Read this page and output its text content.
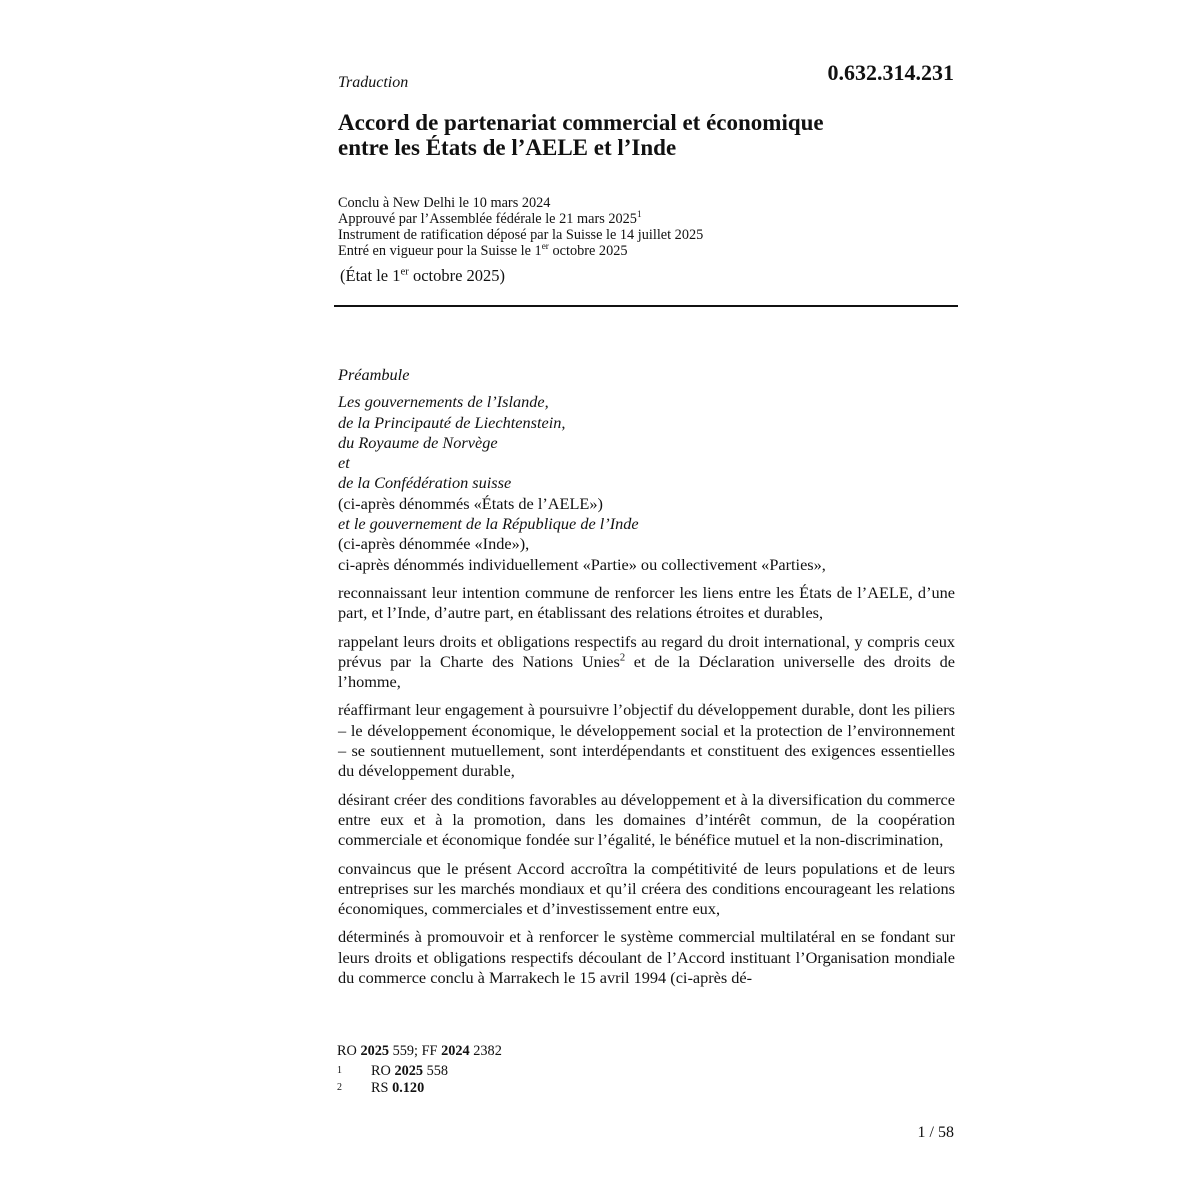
0.632.314.231
Traduction
Accord de partenariat commercial et économique
entre les États de l’AELE et l’Inde
Conclu à New Delhi le 10 mars 2024
Approuvé par l’Assemblée fédérale le 21 mars 2025$^1$
Instrument de ratification déposé par la Suisse le 14 juillet 2025
Entré en vigueur pour la Suisse le 1er octobre 2025
(État le 1er octobre 2025)
Préambule
Les gouvernements de l’Islande,
de la Principauté de Liechtenstein,
du Royaume de Norvège
et
de la Confédération suisse
(ci-après dénommés «États de l’AELE»)
et le gouvernement de la République de l’Inde
(ci-après dénommée «Inde»),
ci-après dénommés individuellement «Partie» ou collectivement «Parties»,
reconnaissant leur intention commune de renforcer les liens entre les États de l’AELE, d’une part, et l’Inde, d’autre part, en établissant des relations étroites et durables,
rappelant leurs droits et obligations respectifs au regard du droit international, y compris ceux prévus par la Charte des Nations Unies$^2$ et de la Déclaration universelle des droits de l’homme,
réaffirmant leur engagement à poursuivre l’objectif du développement durable, dont les piliers – le développement économique, le développement social et la protection de l’environnement – se soutiennent mutuellement, sont interdépendants et constituent des exigences essentielles du développement durable,
désirant créer des conditions favorables au développement et à la diversification du commerce entre eux et à la promotion, dans les domaines d’intérêt commun, de la coopération commerciale et économique fondée sur l’égalité, le bénéfice mutuel et la non-discrimination,
convaincus que le présent Accord accroîtra la compétitivité de leurs populations et de leurs entreprises sur les marchés mondiaux et qu’il créera des conditions encourageant les relations économiques, commerciales et d’investissement entre eux,
déterminés à promouvoir et à renforcer le système commercial multilatéral en se fondant sur leurs droits et obligations respectifs découlant de l’Accord instituant l’Organisation mondiale du commerce conclu à Marrakech le 15 avril 1994 (ci-après dé-
RO 2025 559; FF 2024 2382
1 RO 2025 558
2 RS 0.120
1 / 58
